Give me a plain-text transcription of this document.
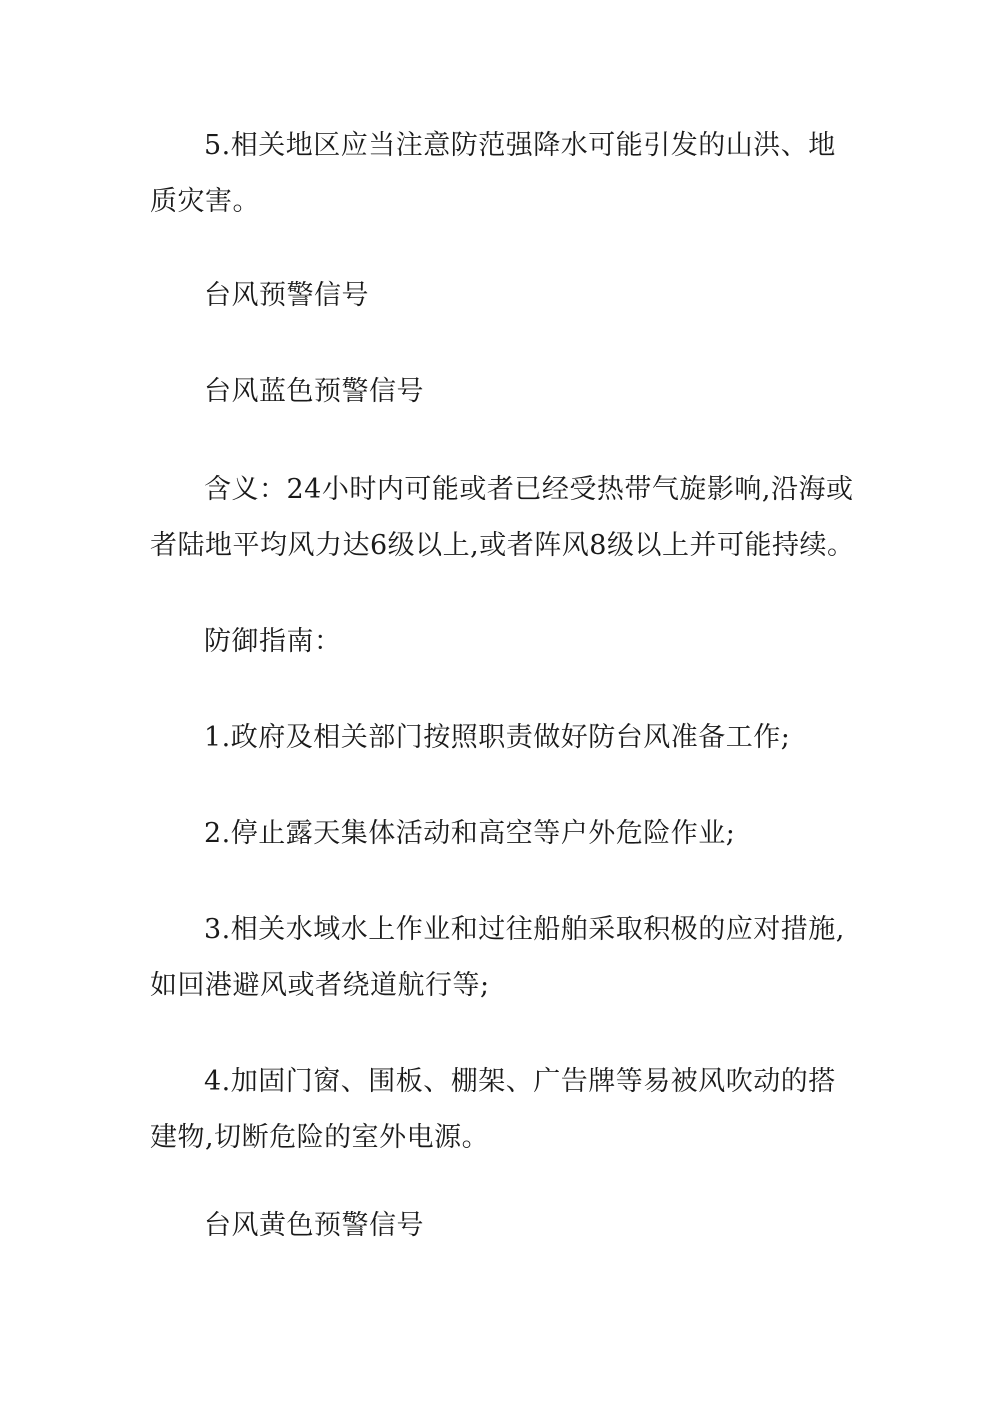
5.相关地区应当注意防范强降水可能引发的山洪、地质灾害。

台风预警信号

台风蓝色预警信号

含义：24小时内可能或者已经受热带气旋影响,沿海或者陆地平均风力达6级以上,或者阵风8级以上并可能持续。

防御指南：

1.政府及相关部门按照职责做好防台风准备工作;

2.停止露天集体活动和高空等户外危险作业;

3.相关水域水上作业和过往船舶采取积极的应对措施,如回港避风或者绕道航行等;

4.加固门窗、围板、棚架、广告牌等易被风吹动的搭建物,切断危险的室外电源。

台风黄色预警信号
